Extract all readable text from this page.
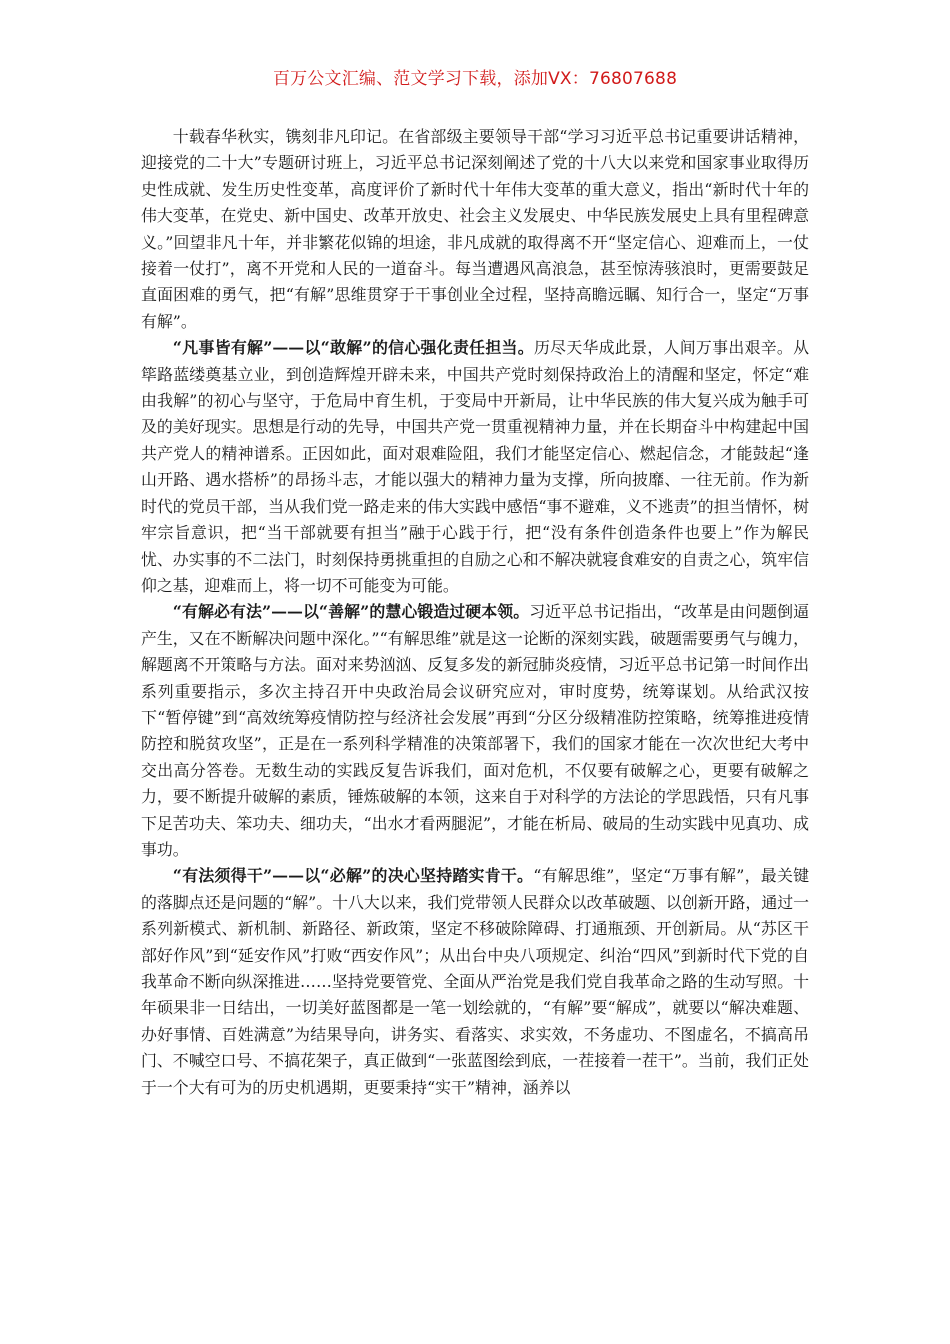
百万公文汇编、范文学习下载，添加VX：76807688

十载春华秋实，镌刻非凡印记。在省部级主要领导干部“学习习近平总书记重要讲话精神，迎接党的二十大”专题研讨班上，习近平总书记深刻阐述了党的十八大以来党和国家事业取得历史性成就、发生历史性变革，高度评价了新时代十年伟大变革的重大意义，指出“新时代十年的伟大变革，在党史、新中国史、改革开放史、社会主义发展史、中华民族发展史上具有里程碑意义。”回望非凡十年，并非繁花似锦的坦途，非凡成就的取得离不开“坚定信心、迎难而上，一仗接着一仗打”，离不开党和人民的一道奋斗。每当遭遇风高浪急，甚至惊涛骇浪时，更需要鼓足直面困难的勇气，把“有解”思维贯穿于干事创业全过程，坚持高瞻远瞩、知行合一，坚定“万事有解”。

“凡事皆有解”——以“敢解”的信心强化责任担当。历尽天华成此景，人间万事出艰辛。从筚路蓝缕奠基立业，到创造辉煌开辟未来，中国共产党时刻保持政治上的清醒和坚定，怀定“难由我解”的初心与坚守，于危局中育生机，于变局中开新局，让中华民族的伟大复兴成为触手可及的美好现实。思想是行动的先导，中国共产党一贯重视精神力量，并在长期奋斗中构建起中国共产党人的精神谱系。正因如此，面对艰难险阻，我们才能坚定信心、燃起信念，才能鼓起“逢山开路、遇水搭桥”的昂扬斗志，才能以强大的精神力量为支撑，所向披靡、一往无前。作为新时代的党员干部，当从我们党一路走来的伟大实践中感悟“事不避难，义不逃责”的担当情怀，树牢宗旨意识，把“当干部就要有担当”融于心践于行，把“没有条件创造条件也要上”作为解民忧、办实事的不二法门，时刻保持勇挑重担的自励之心和不解决就寝食难安的自责之心，筑牢信仰之基，迎难而上，将一切不可能变为可能。

“有解必有法”——以“善解”的慧心锻造过硬本领。习近平总书记指出，“改革是由问题倒逼产生，又在不断解决问题中深化。”“有解思维”就是这一论断的深刻实践，破题需要勇气与魄力，解题离不开策略与方法。面对来势汹汹、反复多发的新冠肺炎疫情，习近平总书记第一时间作出系列重要指示，多次主持召开中央政治局会议研究应对，审时度势，统筹谋划。从给武汉按下“暂停键”到“高效统筹疫情防控与经济社会发展”再到“分区分级精准防控策略，统筹推进疫情防控和脱贫攻坚”，正是在一系列科学精准的决策部署下，我们的国家才能在一次次世纪大考中交出高分答卷。无数生动的实践反复告诉我们，面对危机，不仅要有破解之心，更要有破解之力，要不断提升破解的素质，锤炼破解的本领，这来自于对科学的方法论的学思践悟，只有凡事下足苦功夫、笨功夫、细功夫，“出水才看两腿泥”，才能在析局、破局的生动实践中见真功、成事功。

“有法须得干”——以“必解”的决心坚持踏实肯干。“有解思维”，坚定“万事有解”，最关键的落脚点还是问题的“解”。十八大以来，我们党带领人民群众以改革破题、以创新开路，通过一系列新模式、新机制、新路径、新政策，坚定不移破除障碍、打通瓶颈、开创新局。从“苏区干部好作风”到“延安作风”打败“西安作风”；从出台中央八项规定、纠治“四风”到新时代下党的自我革命不断向纵深推进……坚持党要管党、全面从严治党是我们党自我革命之路的生动写照。十年硕果非一日结出，一切美好蓝图都是一笔一划绘就的，“有解”要“解成”，就要以“解决难题、办好事情、百姓满意”为结果导向，讲务实、看落实、求实效，不务虚功、不图虚名，不搞高吊门、不喊空口号、不搞花架子，真正做到“一张蓝图绘到底，一茬接着一茬干”。当前，我们正处于一个大有可为的历史机遇期，更要秉持“实干”精神，涵养以
